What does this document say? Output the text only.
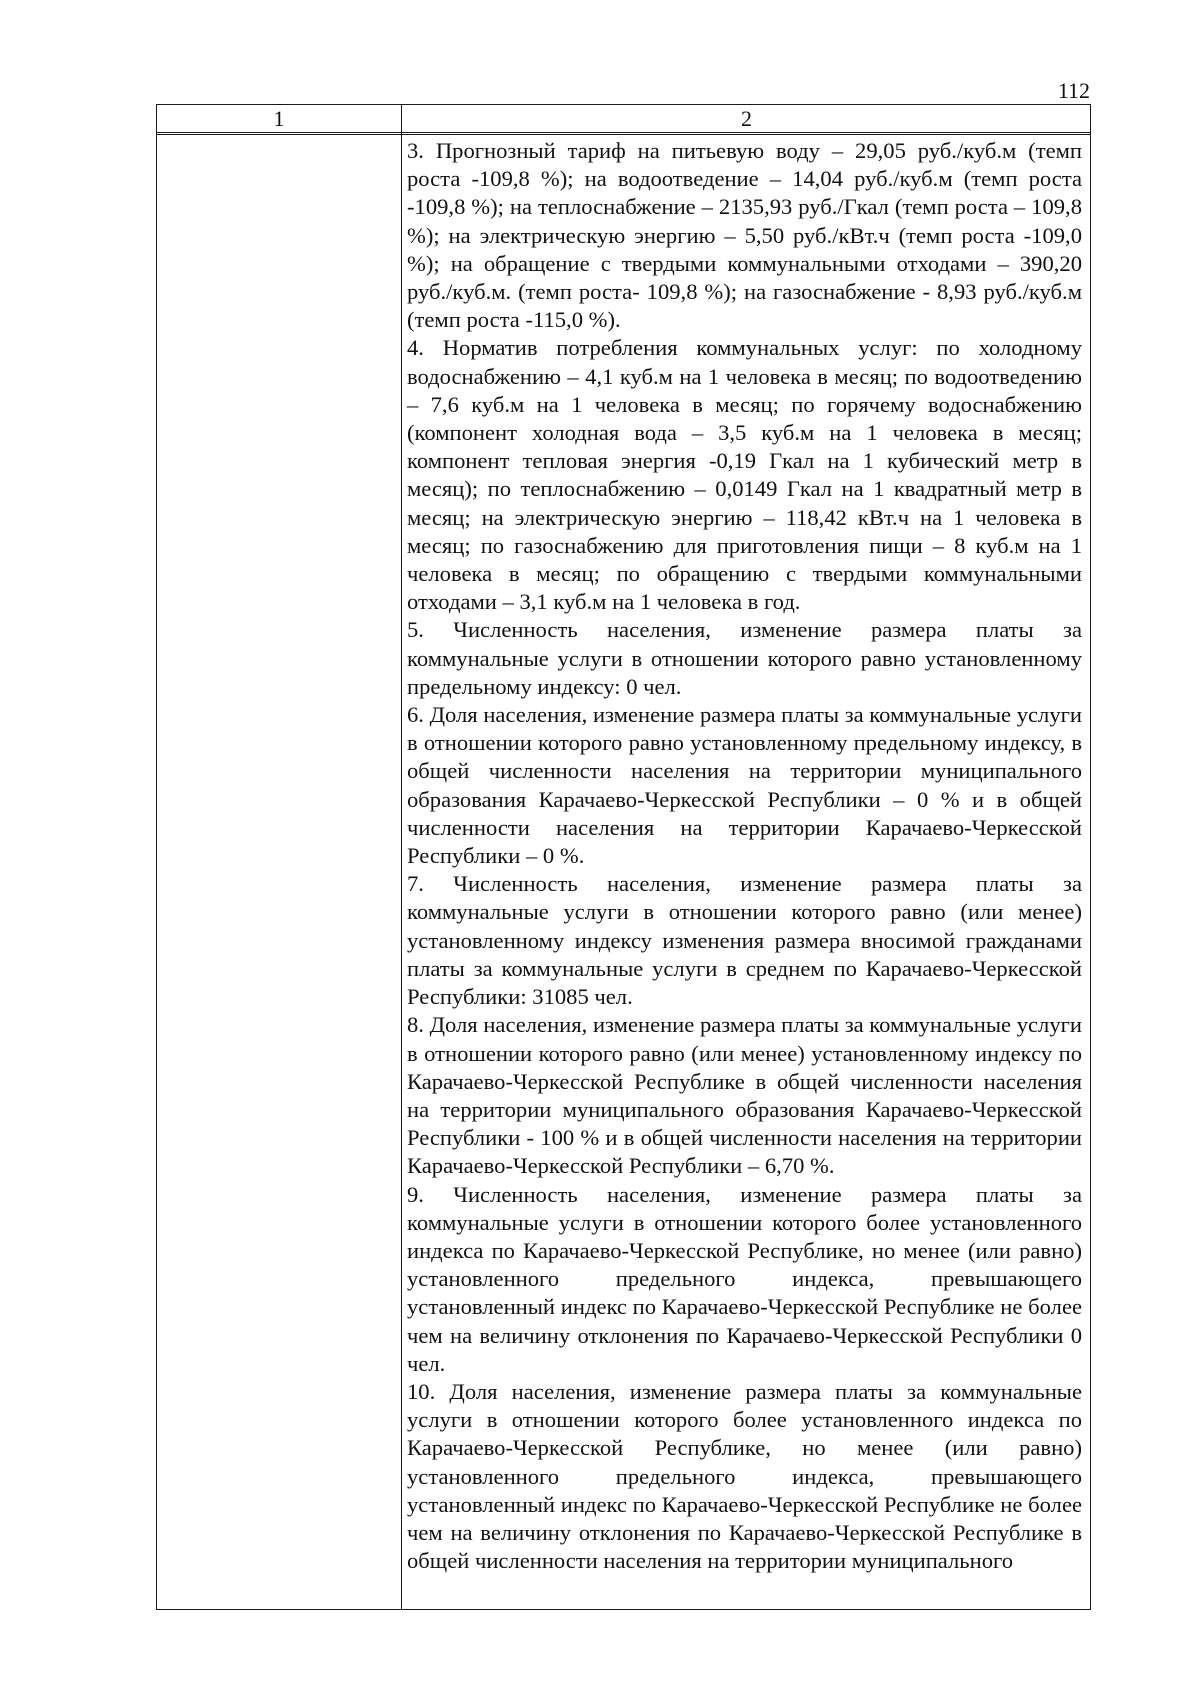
112
1	2

3. Прогнозный тариф на питьевую воду – 29,05 руб./куб.м (темп роста -109,8 %); на водоотведение – 14,04 руб./куб.м (темп роста -109,8 %); на теплоснабжение – 2135,93 руб./Гкал (темп роста – 109,8 %); на электрическую энергию – 5,50 руб./кВт.ч (темп роста -109,0 %); на обращение с твердыми коммунальными отходами – 390,20 руб./куб.м. (темп роста- 109,8 %); на газоснабжение - 8,93 руб./куб.м (темп роста -115,0 %).

4. Норматив потребления коммунальных услуг: по холодному водоснабжению – 4,1 куб.м на 1 человека в месяц; по водоотведению – 7,6 куб.м на 1 человека в месяц; по горячему водоснабжению (компонент холодная вода – 3,5 куб.м на 1 человека в месяц; компонент тепловая энергия -0,19 Гкал на 1 кубический метр в месяц); по теплоснабжению – 0,0149 Гкал на 1 квадратный метр в месяц; на электрическую энергию – 118,42 кВт.ч на 1 человека в месяц; по газоснабжению для приготовления пищи – 8 куб.м на 1 человека в месяц; по обращению с твердыми коммунальными отходами – 3,1 куб.м на 1 человека в год.

5. Численность населения, изменение размера платы за коммунальные услуги в отношении которого равно установленному предельному индексу: 0 чел.

6. Доля населения, изменение размера платы за коммунальные услуги в отношении которого равно установленному предельному индексу, в общей численности населения на территории муниципального образования Карачаево-Черкесской Республики – 0 % и в общей численности населения на территории Карачаево-Черкесской Республики – 0 %.

7. Численность населения, изменение размера платы за коммунальные услуги в отношении которого равно (или менее) установленному индексу изменения размера вносимой гражданами платы за коммунальные услуги в среднем по Карачаево-Черкесской Республики: 31085 чел.

8. Доля населения, изменение размера платы за коммунальные услуги в отношении которого равно (или менее) установленному индексу по Карачаево-Черкесской Республике в общей численности населения на территории муниципального образования Карачаево-Черкесской Республики - 100 % и в общей численности населения на территории Карачаево-Черкесской Республики – 6,70 %.

9. Численность населения, изменение размера платы за коммунальные услуги в отношении которого более установленного индекса по Карачаево-Черкесской Республике, но менее (или равно) установленного предельного индекса, превышающего установленный индекс по Карачаево-Черкесской Республике не более чем на величину отклонения по Карачаево-Черкесской Республики 0 чел.

10. Доля населения, изменение размера платы за коммунальные услуги в отношении которого более установленного индекса по Карачаево-Черкесской Республике, но менее (или равно) установленного предельного индекса, превышающего установленный индекс по Карачаево-Черкесской Республике не более чем на величину отклонения по Карачаево-Черкесской Республике в общей численности населения на территории муниципального
